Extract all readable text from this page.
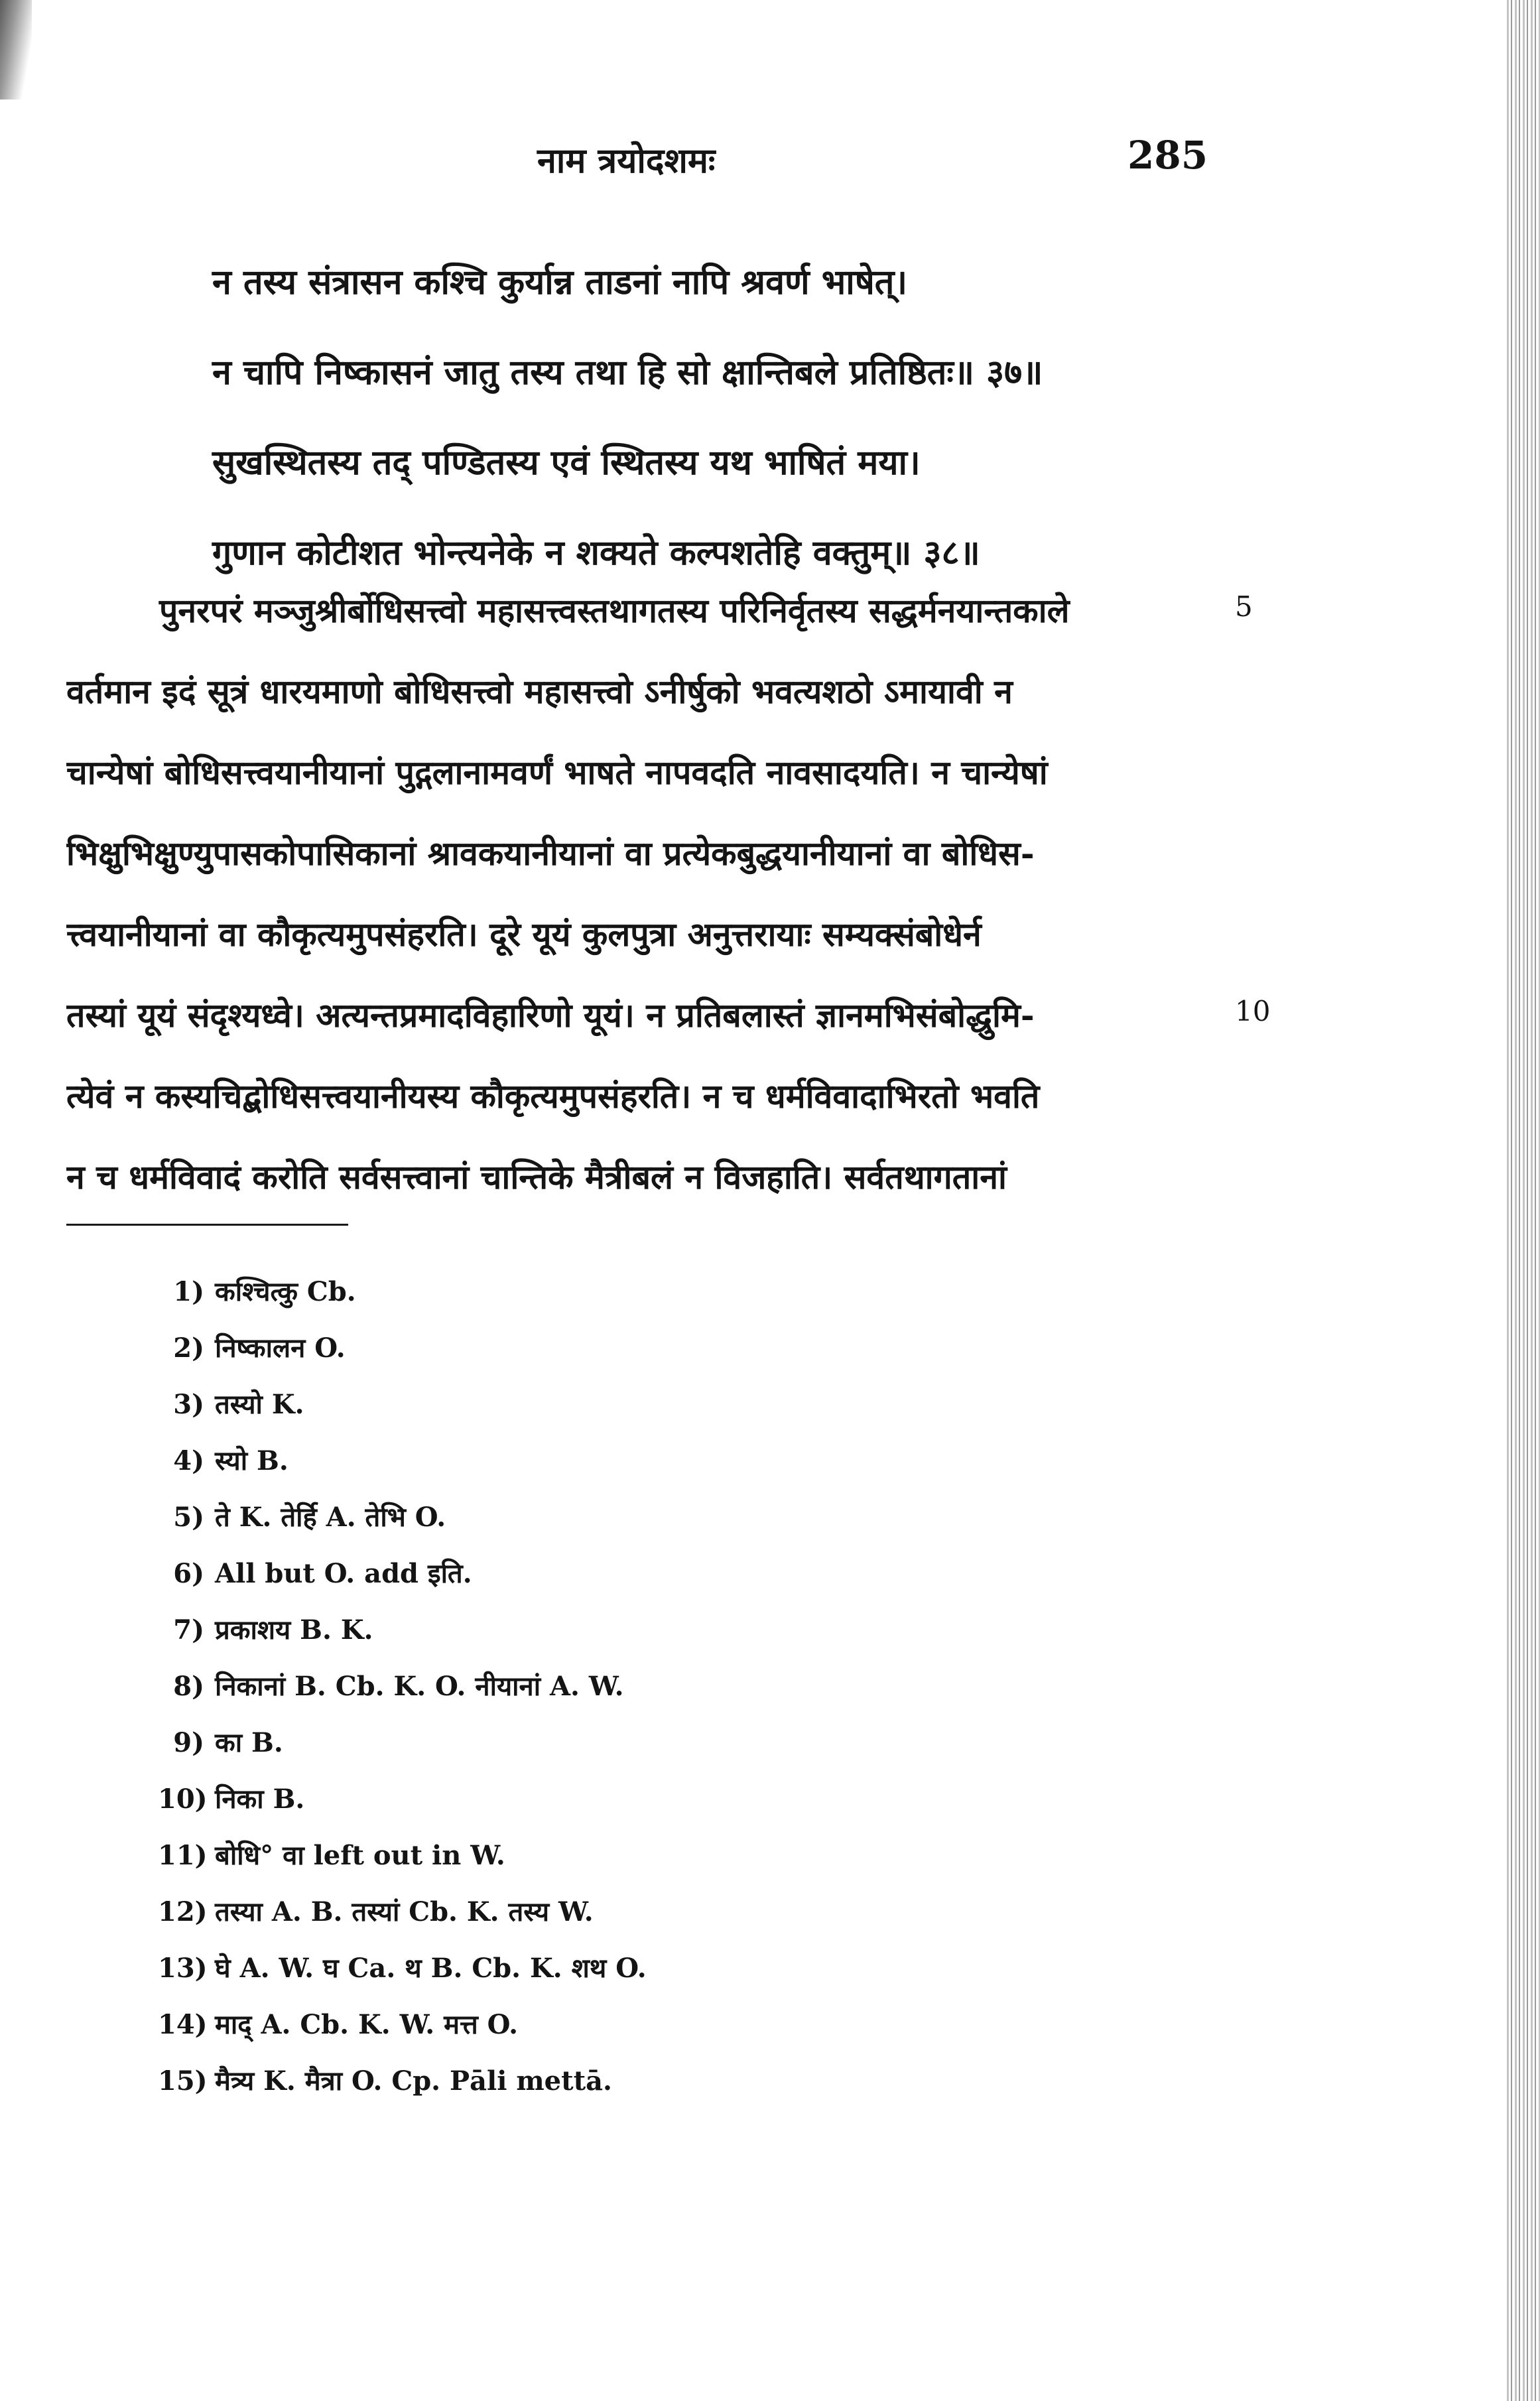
नाम त्रयोदशमः	285
न तस्य संत्रासन कश्चि कुर्यान्न ताडनां नापि श्रवर्ण भाषेत्।
न चापि निष्कासनं जातु तस्य तथा हि सो क्षान्तिबले प्रतिष्ठितः॥ ३७॥
सुखस्थितस्य तद् पण्डितस्य एवं स्थितस्य यथ भाषितं मया।
गुणान कोटीशत भोन्त्यनेके न शक्यते कल्पशतेहि वक्तुम्॥ ३८॥
पुनरपरं मञ्जुश्रीर्बोधिसत्त्वो महासत्त्वस्तथागतस्य परिनिर्वृतस्य सद्धर्मनयान्तकाले
वर्तमान इदं सूत्रं धारयमाणो बोधिसत्त्वो महासत्त्वो ऽनीर्षुको भवत्यशठो ऽमायावी न
चान्येषां बोधिसत्त्वयानीयानां पुद्गलानामवर्णं भाषते नापवदति नावसादयति। न चान्येषां
भिक्षुभिक्षुण्युपासकोपासिकानां श्रावकयानीयानां वा प्रत्येकबुद्धयानीयानां वा बोधिस-
त्त्वयानीयानां वा कौकृत्यमुपसंहरति। दूरे यूयं कुलपुत्रा अनुत्तरायाः सम्यक्संबोधेर्न
तस्यां यूयं संदृश्यध्वे। अत्यन्तप्रमादविहारिणो यूयं। न प्रतिबलास्तं ज्ञानमभिसंबोद्धुमि-
त्येवं न कस्यचिद्बोधिसत्त्वयानीयस्य कौकृत्यमुपसंहरति। न च धर्मविवादाभिरतो भवति
न च धर्मविवादं करोति सर्वसत्त्वानां चान्तिके मैत्रीबलं न विजहाति। सर्वतथागतानां
5
10
1) कश्चित्कु Cb.
2) निष्कालन O.
3) तस्यो K.
4) स्यो B.
5) ते K. तेर्हि A. तेभि O.
6) All but O. add इति.
7) प्रकाशय B. K.
8) निकानां B. Cb. K. O. नीयानां A. W.
9) का B.
10) निका B.
11) बोधि° वा left out in W.
12) तस्या A. B. तस्यां Cb. K. तस्य W.
13) घे A. W. घ Ca. थ B. Cb. K. शथ O.
14) माद् A. Cb. K. W. मत्त O.
15) मैत्र्य K. मैत्रा O. Cp. Pāli mettā.
